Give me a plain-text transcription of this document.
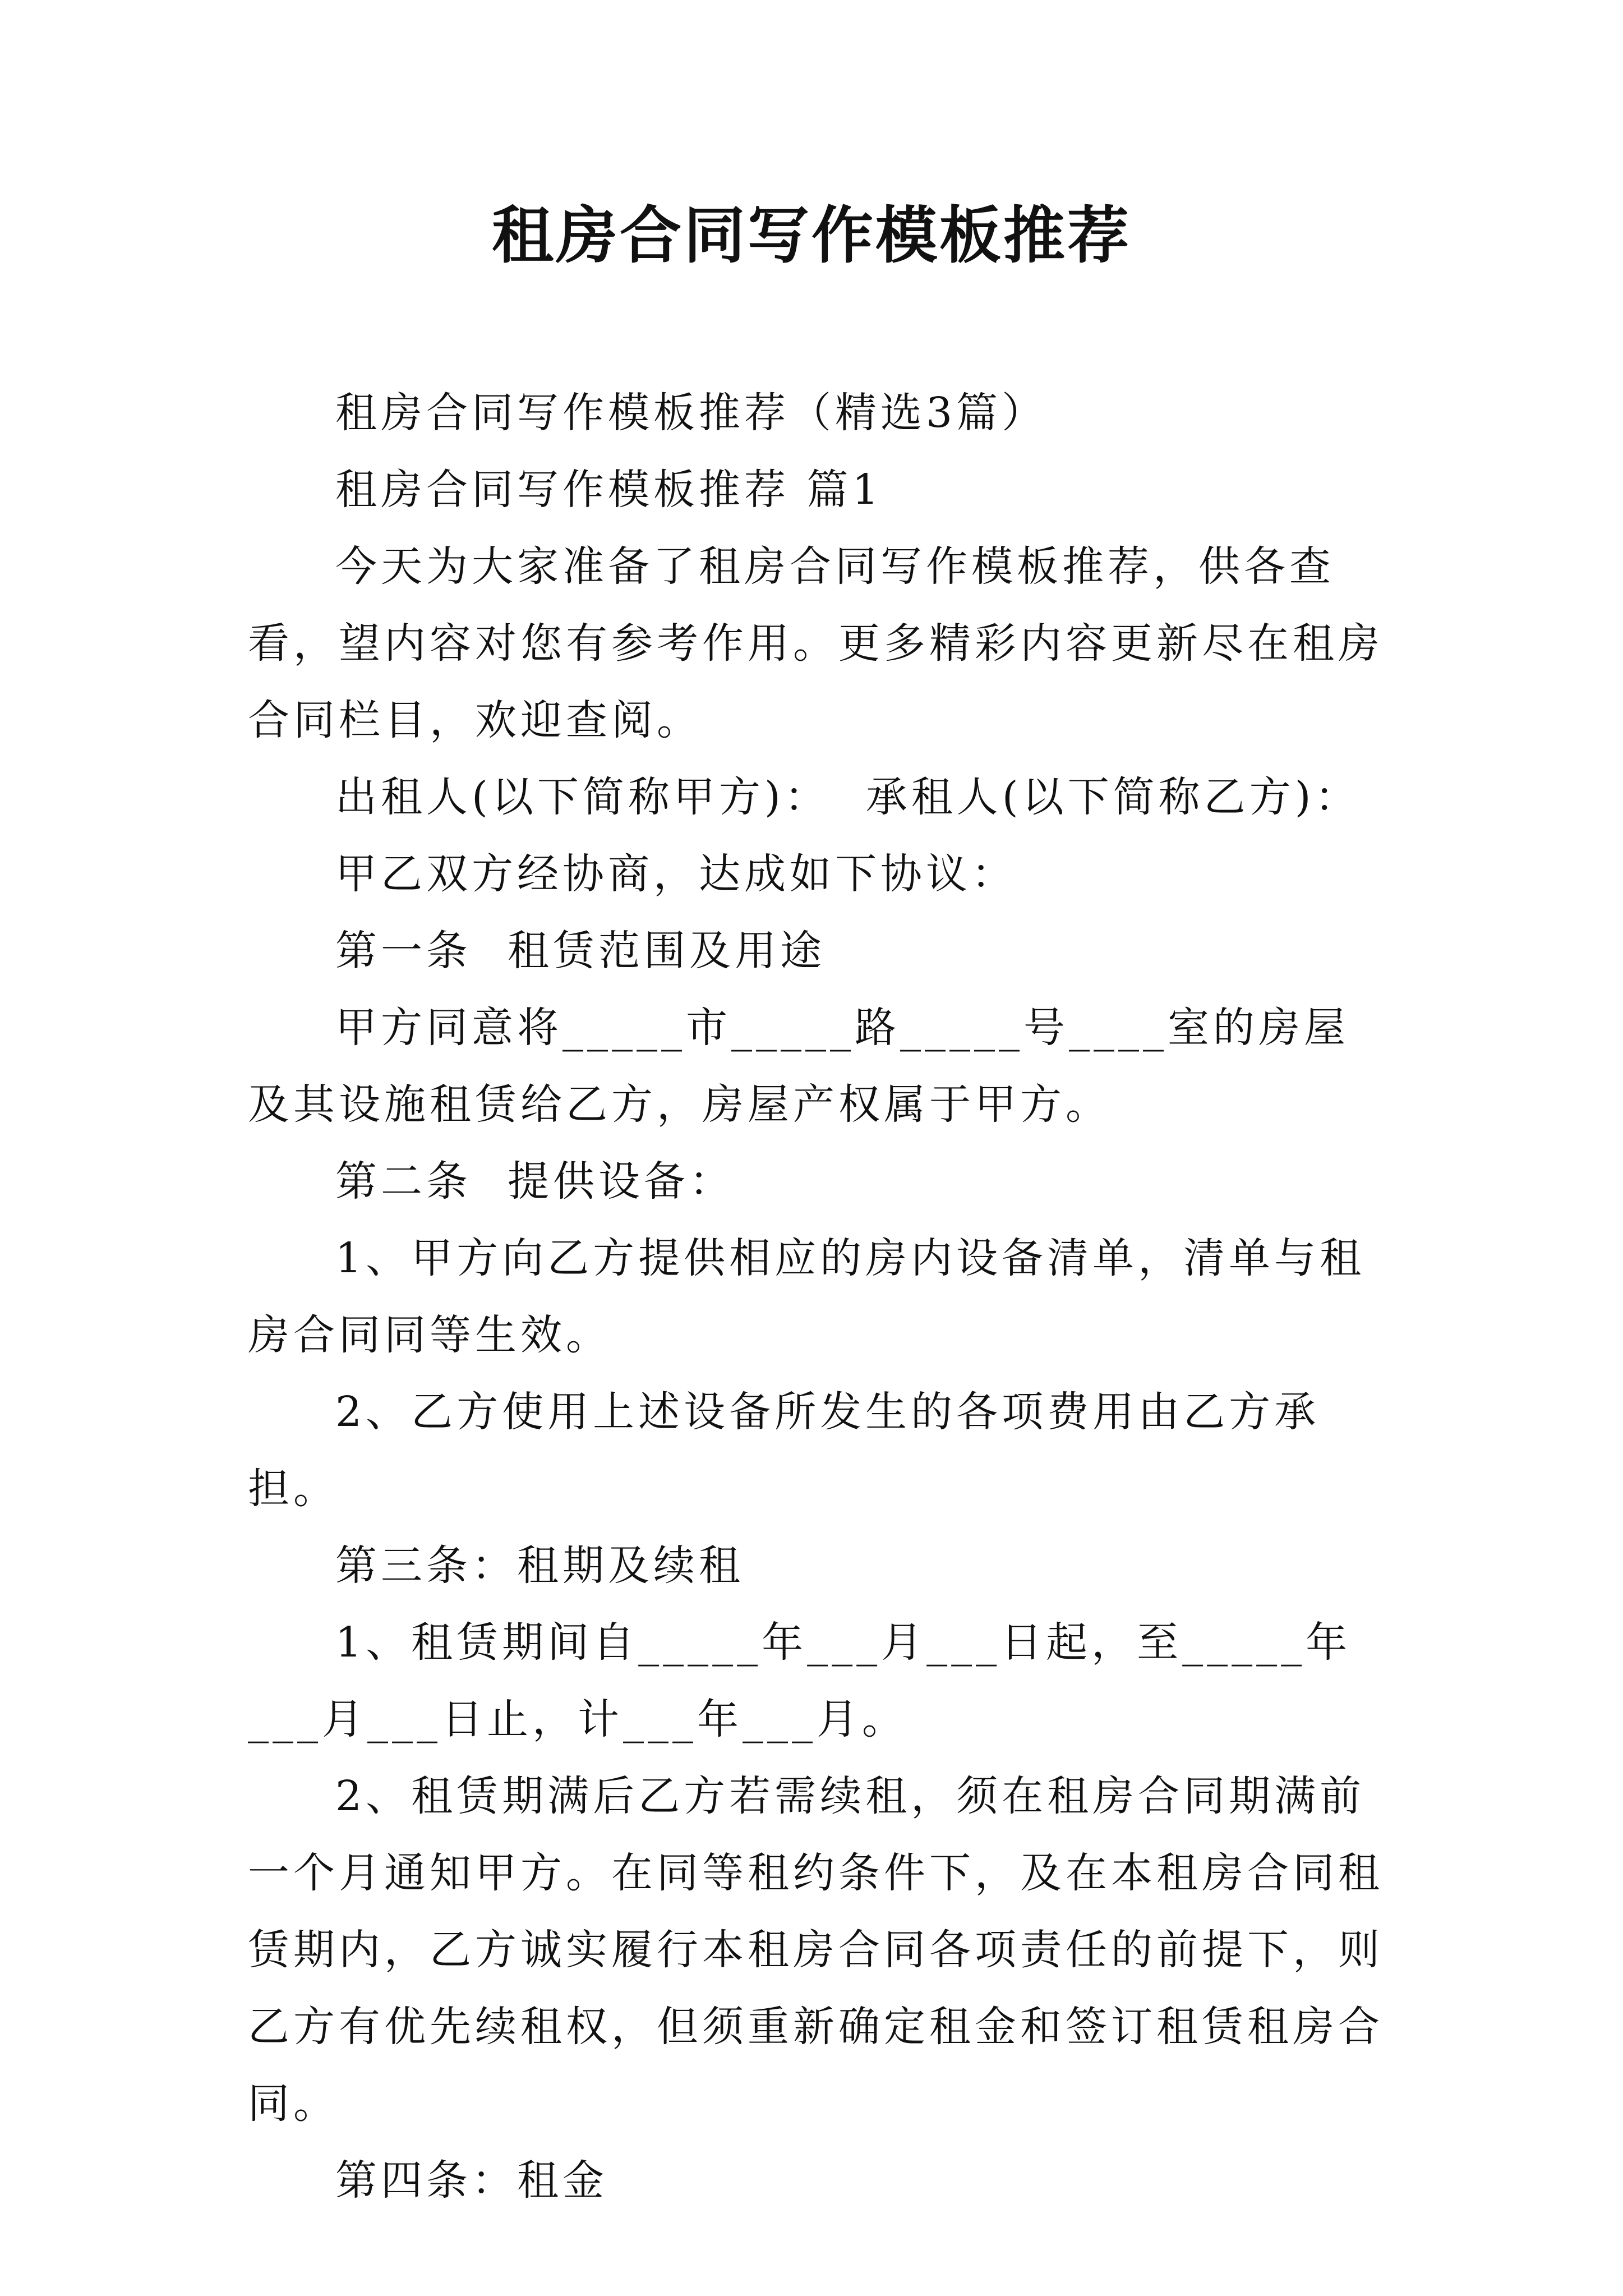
租房合同写作模板推荐

租房合同写作模板推荐（精选3篇）

租房合同写作模板推荐 篇1

今天为大家准备了租房合同写作模板推荐，供各查看，望内容对您有参考作用。更多精彩内容更新尽在租房合同栏目，欢迎查阅。

出租人(以下简称甲方)： 承租人(以下简称乙方)：

甲乙双方经协商，达成如下协议：

第一条 租赁范围及用途

甲方同意将_____市_____路_____号____室的房屋及其设施租赁给乙方，房屋产权属于甲方。

第二条 提供设备：

1、甲方向乙方提供相应的房内设备清单，清单与租房合同同等生效。

2、乙方使用上述设备所发生的各项费用由乙方承担。

第三条：租期及续租

1、租赁期间自_____年___月___日起，至_____年___月___日止，计___年___月。

2、租赁期满后乙方若需续租，须在租房合同期满前一个月通知甲方。在同等租约条件下，及在本租房合同租赁期内，乙方诚实履行本租房合同各项责任的前提下，则乙方有优先续租权，但须重新确定租金和签订租赁租房合同。

第四条：租金
